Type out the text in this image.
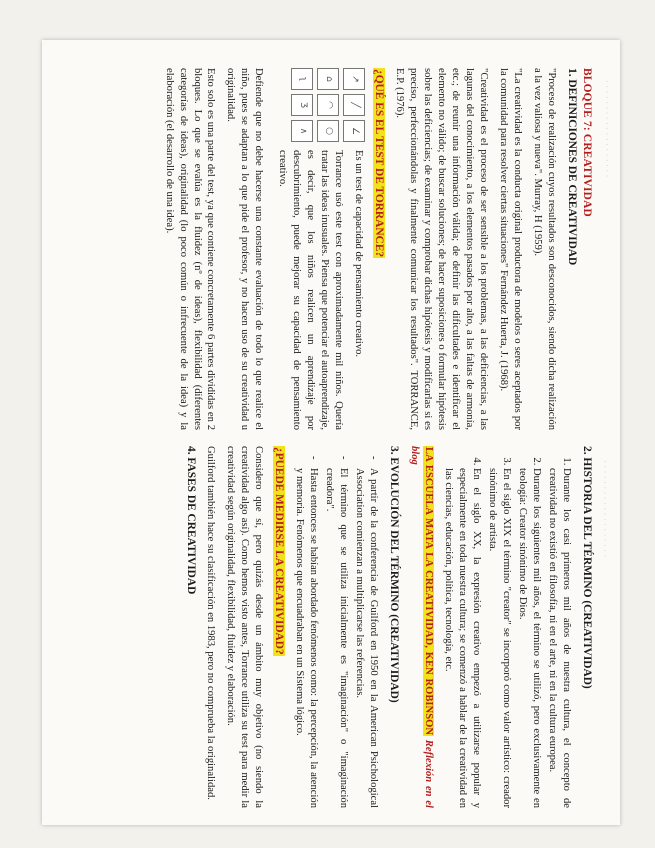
· · · · · · · · · · · · · · · · · · ·
· · · · · · · · · · · · · · · · · · ·
BLOQUE 7: CREATIVIDAD
1. DEFINICIONES DE CREATIVIDAD

"Proceso de realización cuyos resultados son desconocidos, siendo dicha realización a la vez valiosa y nueva". Murray, H (1959).

"La creatividad es la conducta original productora de modelos o seres aceptados por la comunidad para resolver ciertas situaciones" Fernández Huerta, J. (1968).

"Creatividad es el proceso de ser sensible a los problemas, a las deficiencias, a las lagunas del conocimiento, a los elementos pasados por alto, a las faltas de armonía, etc.; de reunir una información válida; de definir las dificultades e identificar el elemento no válido; de buscar soluciones; de hacer suposiciones o formular hipótesis sobre las deficiencias; de examinar y comprobar dichas hipótesis y modificarlas si es preciso, perfeccionándolas y finalmente comunicar los resultados". TORRANCE, E.P. (1976).

¿QUÉ ES EL TEST DE TORRANCE?
↗
╱
∠
⌂
◠
○
ʅ
Ʒ
∧

Es un test de capacidad de pensamiento creativo.

Torrance usó este test con aproximadamente mil niños. Quería tratar las ideas inusuales. Piensa que potenciar el autoaprendizaje, es decir, que los niños realicen un aprendizaje por descubrimiento, puede mejorar su capacidad de pensamiento creativo.

Defiende que no debe hacerse una constante evaluación de todo lo que realice el niño, pues se adaptan a lo que pide el profesor, y no hacen uso de su creatividad u originalidad.

Esto solo es una parte del test, ya que contiene concretamente 6 partes divididas en 2 bloques. Lo que se evalúa es la fluidez (nº de ideas), flexibilidad (diferentes categorías de ideas), originalidad (lo poco común o infrecuente de la idea) y la elaboración (el desarrollo de una idea).

2. HISTORIA DEL TÉRMINO (CREATIVIDAD)
1. Durante los casi primeros mil años de nuestra cultura, el concepto de creatividad no existió en filosofía, ni en el arte, ni en la cultura europea.
2. Durante los siguientes mil años, el término se utilizó, pero exclusivamente en teología: Creator sinónimo de Dios.
3. En el siglo XIX el término "creator" se incorporó como valor artístico: creador sinónimo de artista.
4. En el siglo XX, la expresión creativo empezó a utilizarse popular y especialmente en toda nuestra cultura; se comenzó a hablar de la creatividad en las ciencias, educación, política, tecnología, etc.

LA ESCUELA MATA LA CREATIVIDAD, KEN ROBINSON Reflexión en el blog

3. EVOLUCIÓN DEL TÉRMINO (CREATIVIDAD)
- A partir de la conferencia de Guilford en 1950 en la American Psichological Association comienzan a multiplicarse las referencias.
- El término que se utiliza inicialmente es "imaginación" o "imaginación creadora".
- Hasta entonces se habían abordado fenómenos como: la percepción, la atención y memoria. Fenómenos que encuadraban en un Sistema lógico.
¿PUEDE MEDIRSE LA CREATIVIDAD?

Considero que sí, pero quizás desde un ámbito muy objetivo (no siendo la creatividad algo así). Como hemos visto antes, Torrance utiliza su test para medir la creatividad según originalidad, flexibilidad, fluidez y elaboración.

Guilford también hace su clasificación en 1983, pero no comprueba la originalidad.

4. FASES DE CREATIVIDAD
